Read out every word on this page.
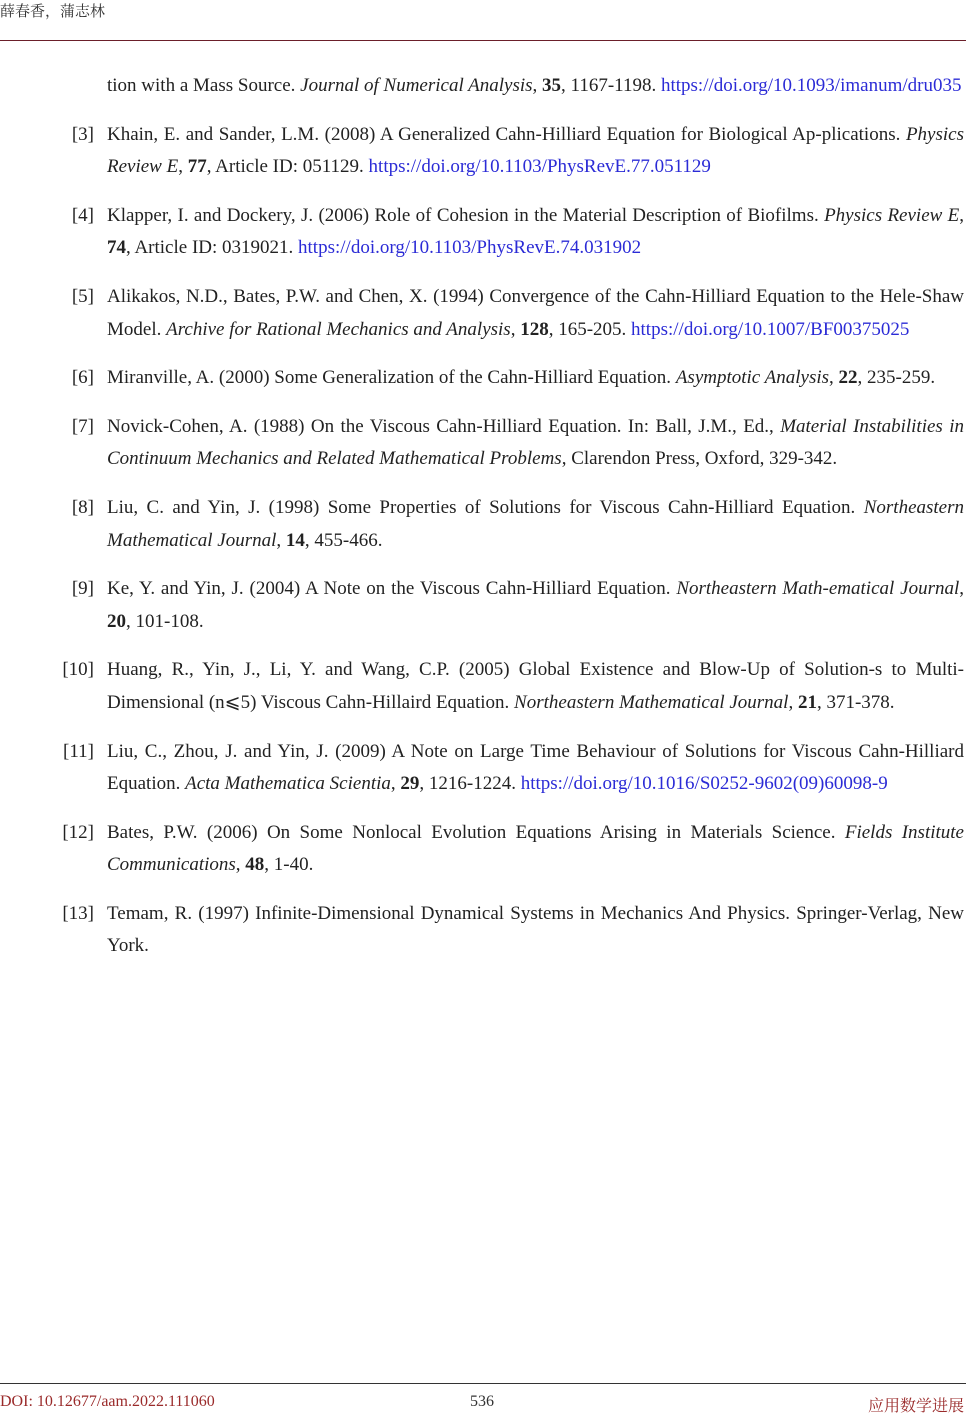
薛春香，蒲志林
tion with a Mass Source. Journal of Numerical Analysis, 35, 1167-1198. https://doi.org/10.1093/imanum/dru035
[3] Khain, E. and Sander, L.M. (2008) A Generalized Cahn-Hilliard Equation for Biological Ap-plications. Physics Review E, 77, Article ID: 051129. https://doi.org/10.1103/PhysRevE.77.051129
[4] Klapper, I. and Dockery, J. (2006) Role of Cohesion in the Material Description of Biofilms. Physics Review E, 74, Article ID: 0319021. https://doi.org/10.1103/PhysRevE.74.031902
[5] Alikakos, N.D., Bates, P.W. and Chen, X. (1994) Convergence of the Cahn-Hilliard Equation to the Hele-Shaw Model. Archive for Rational Mechanics and Analysis, 128, 165-205. https://doi.org/10.1007/BF00375025
[6] Miranville, A. (2000) Some Generalization of the Cahn-Hilliard Equation. Asymptotic Analysis, 22, 235-259.
[7] Novick-Cohen, A. (1988) On the Viscous Cahn-Hilliard Equation. In: Ball, J.M., Ed., Material Instabilities in Continuum Mechanics and Related Mathematical Problems, Clarendon Press, Oxford, 329-342.
[8] Liu, C. and Yin, J. (1998) Some Properties of Solutions for Viscous Cahn-Hilliard Equation. Northeastern Mathematical Journal, 14, 455-466.
[9] Ke, Y. and Yin, J. (2004) A Note on the Viscous Cahn-Hilliard Equation. Northeastern Math-ematical Journal, 20, 101-108.
[10] Huang, R., Yin, J., Li, Y. and Wang, C.P. (2005) Global Existence and Blow-Up of Solution-s to Multi-Dimensional (n⩽5) Viscous Cahn-Hillaird Equation. Northeastern Mathematical Journal, 21, 371-378.
[11] Liu, C., Zhou, J. and Yin, J. (2009) A Note on Large Time Behaviour of Solutions for Viscous Cahn-Hilliard Equation. Acta Mathematica Scientia, 29, 1216-1224. https://doi.org/10.1016/S0252-9602(09)60098-9
[12] Bates, P.W. (2006) On Some Nonlocal Evolution Equations Arising in Materials Science. Fields Institute Communications, 48, 1-40.
[13] Temam, R. (1997) Infinite-Dimensional Dynamical Systems in Mechanics And Physics. Springer-Verlag, New York.
DOI: 10.12677/aam.2022.111060	536	应用数学进展
